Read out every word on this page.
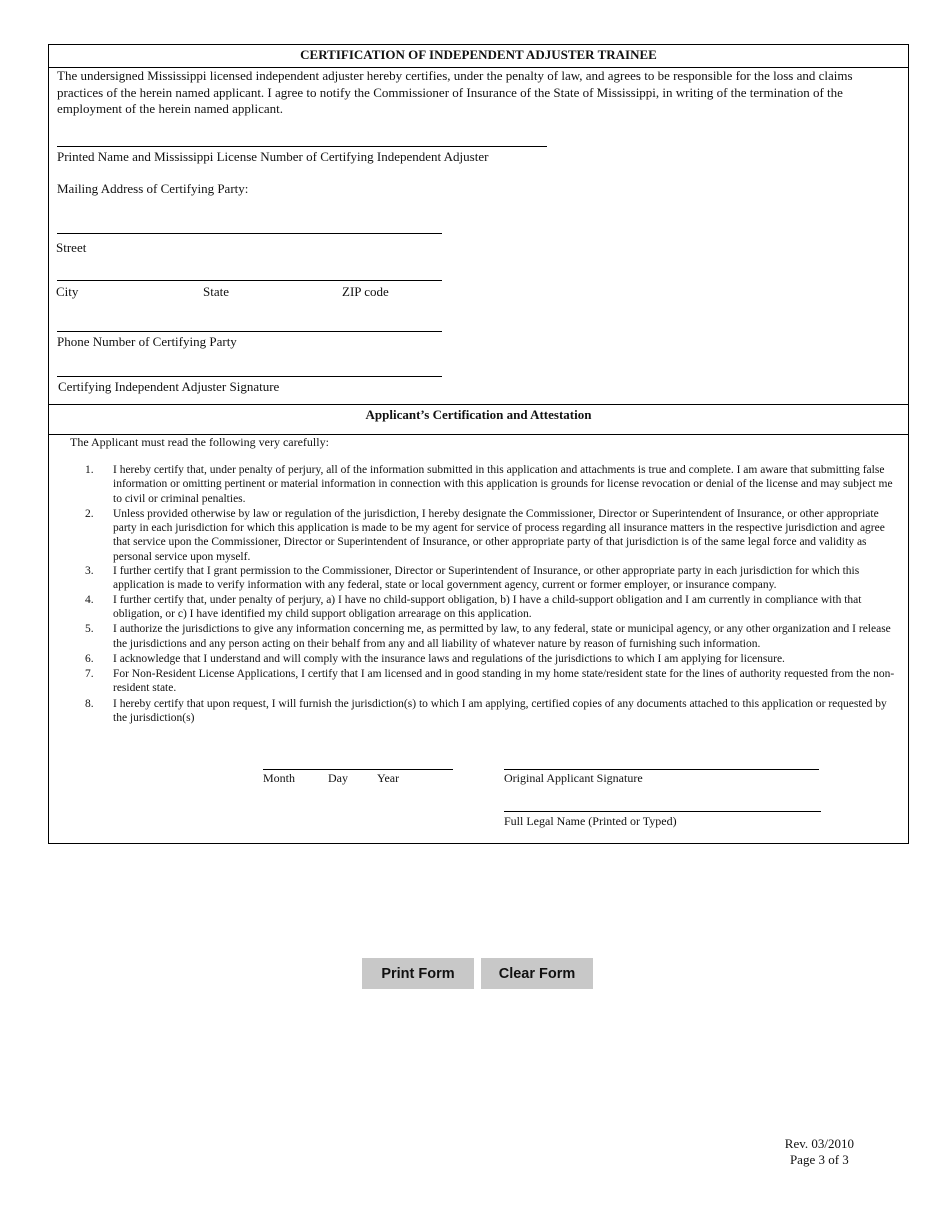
CERTIFICATION OF INDEPENDENT ADJUSTER TRAINEE
The undersigned Mississippi licensed independent adjuster hereby certifies, under the penalty of law, and agrees to be responsible for the loss and claims practices of the herein named applicant. I agree to notify the Commissioner of Insurance of the State of Mississippi, in writing of the termination of the employment of the herein named applicant.
Printed Name and Mississippi License Number of Certifying Independent Adjuster
Mailing Address of Certifying Party:
Street
City	State	ZIP code
Phone Number of Certifying Party
Certifying Independent Adjuster Signature
Applicant’s Certification and Attestation
The Applicant must read the following very carefully:
1. I hereby certify that, under penalty of perjury, all of the information submitted in this application and attachments is true and complete. I am aware that submitting false information or omitting pertinent or material information in connection with this application is grounds for license revocation or denial of the license and may subject me to civil or criminal penalties.
2. Unless provided otherwise by law or regulation of the jurisdiction, I hereby designate the Commissioner, Director or Superintendent of Insurance, or other appropriate party in each jurisdiction for which this application is made to be my agent for service of process regarding all insurance matters in the respective jurisdiction and agree that service upon the Commissioner, Director or Superintendent of Insurance, or other appropriate party of that jurisdiction is of the same legal force and validity as personal service upon myself.
3. I further certify that I grant permission to the Commissioner, Director or Superintendent of Insurance, or other appropriate party in each jurisdiction for which this application is made to verify information with any federal, state or local government agency, current or former employer, or insurance company.
4. I further certify that, under penalty of perjury, a) I have no child-support obligation, b) I have a child-support obligation and I am currently in compliance with that obligation, or c) I have identified my child support obligation arrearage on this application.
5. I authorize the jurisdictions to give any information concerning me, as permitted by law, to any federal, state or municipal agency, or any other organization and I release the jurisdictions and any person acting on their behalf from any and all liability of whatever nature by reason of furnishing such information.
6. I acknowledge that I understand and will comply with the insurance laws and regulations of the jurisdictions to which I am applying for licensure.
7. For Non-Resident License Applications, I certify that I am licensed and in good standing in my home state/resident state for the lines of authority requested from the non-resident state.
8. I hereby certify that upon request, I will furnish the jurisdiction(s) to which I am applying, certified copies of any documents attached to this application or requested by the jurisdiction(s)
Month	Day Year	Original Applicant Signature
Full Legal Name (Printed or Typed)
Print Form	Clear Form
Rev. 03/2010
Page 3 of 3
